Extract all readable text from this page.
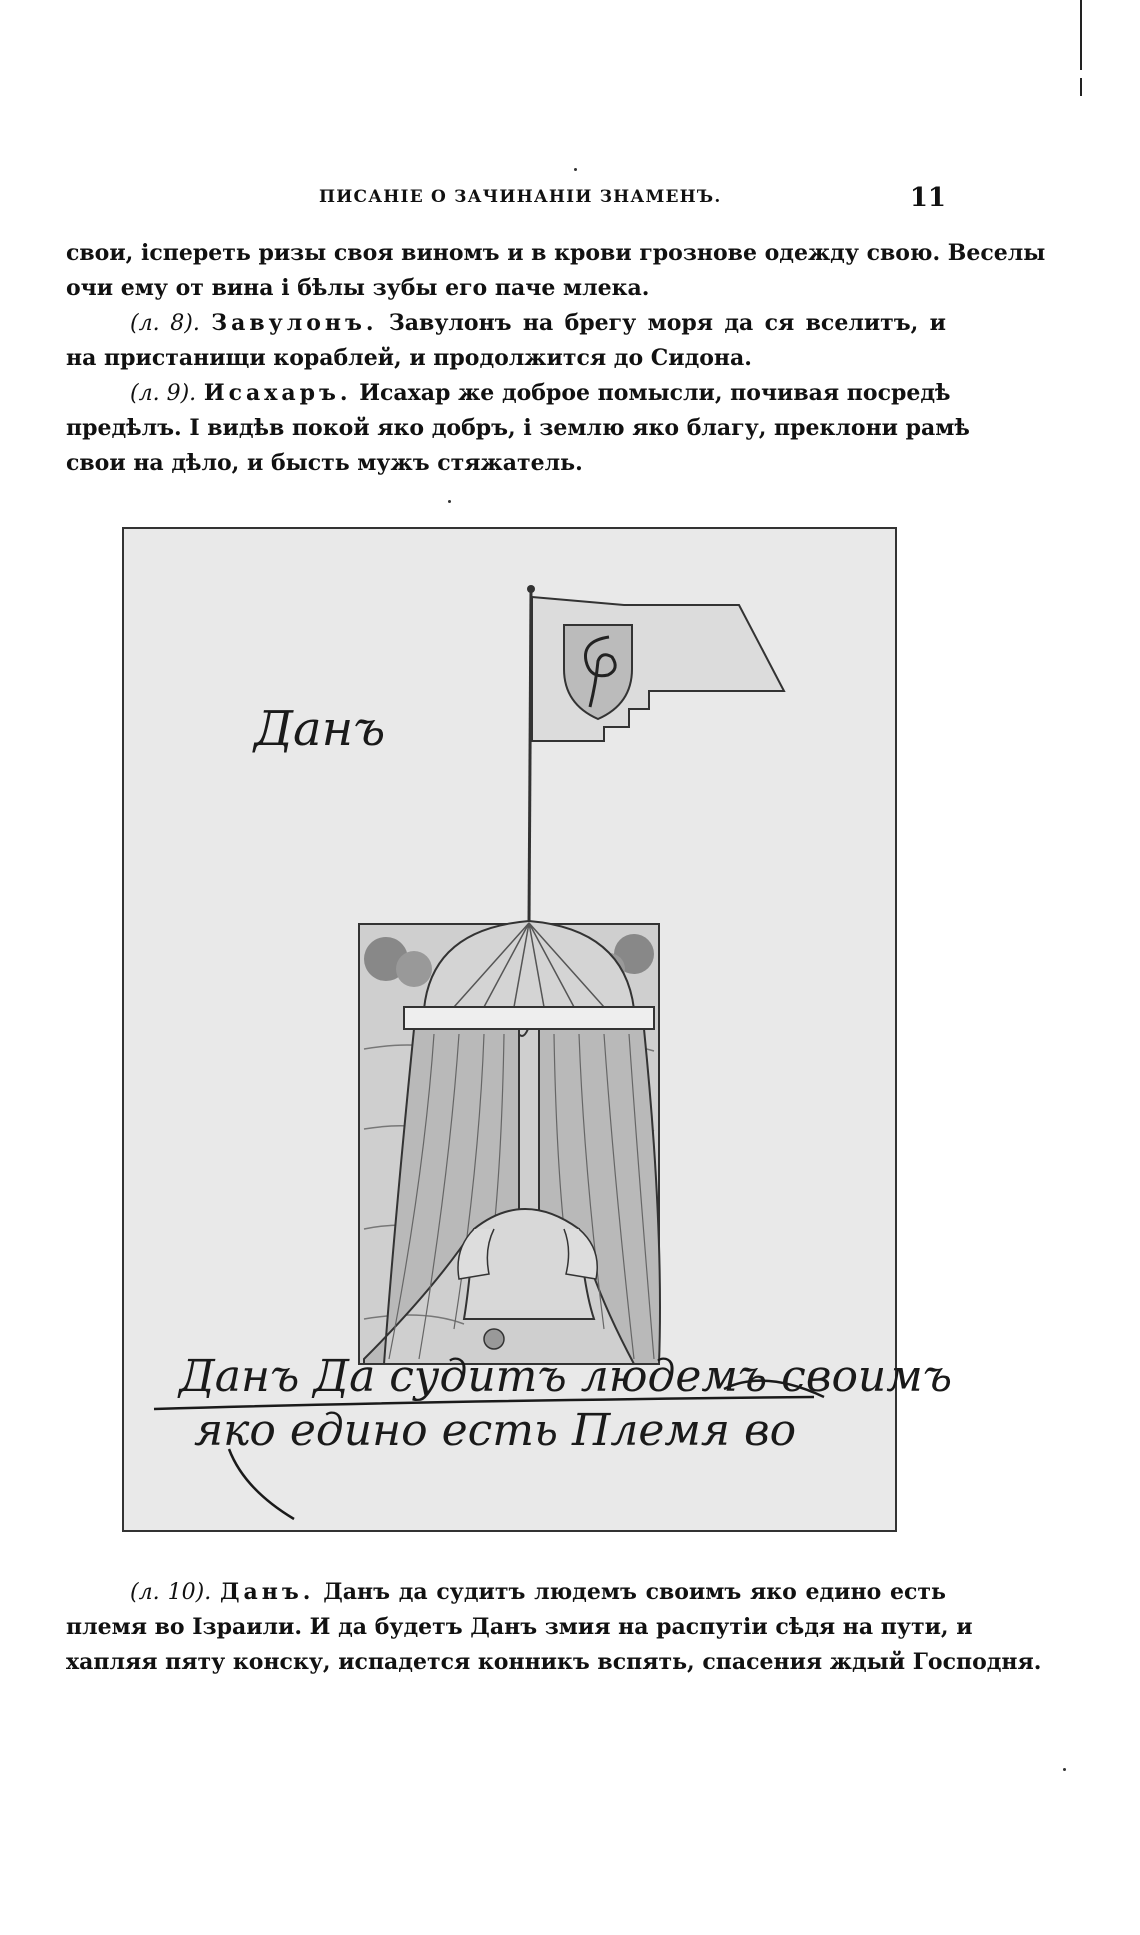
ПИСАНІЕ О ЗАЧИНАНІИ ЗНАМЕНЪ.	11
свои, іспереть ризы своя виномъ и в крови грознове одежду свою. Веселы
очи ему от вина і бѣлы зубы его паче млека.
(л. 8). Завулонъ. Завулонъ на брегу моря да ся вселитъ, и
на пристанищи кораблей, и продолжится до Сидона.
(л. 9). Исахаръ. Исахар же доброе помысли, почивая посредѣ
предѣлъ. І видѣв покой яко добръ, і землю яко благу, преклони рамѣ
свои на дѣло, и бысть мужъ стяжатель.
Данъ
Данъ Да судитъ людемъ своимъ
яко едино есть Племя во
(л. 10). Данъ. Данъ да судитъ людемъ своимъ яко едино есть
племя во Ізраили. И да будетъ Данъ змия на распутіи сѣдя на пути, и
хапляя пяту конску, испадется конникъ вспять, спасения ждый Господня.
